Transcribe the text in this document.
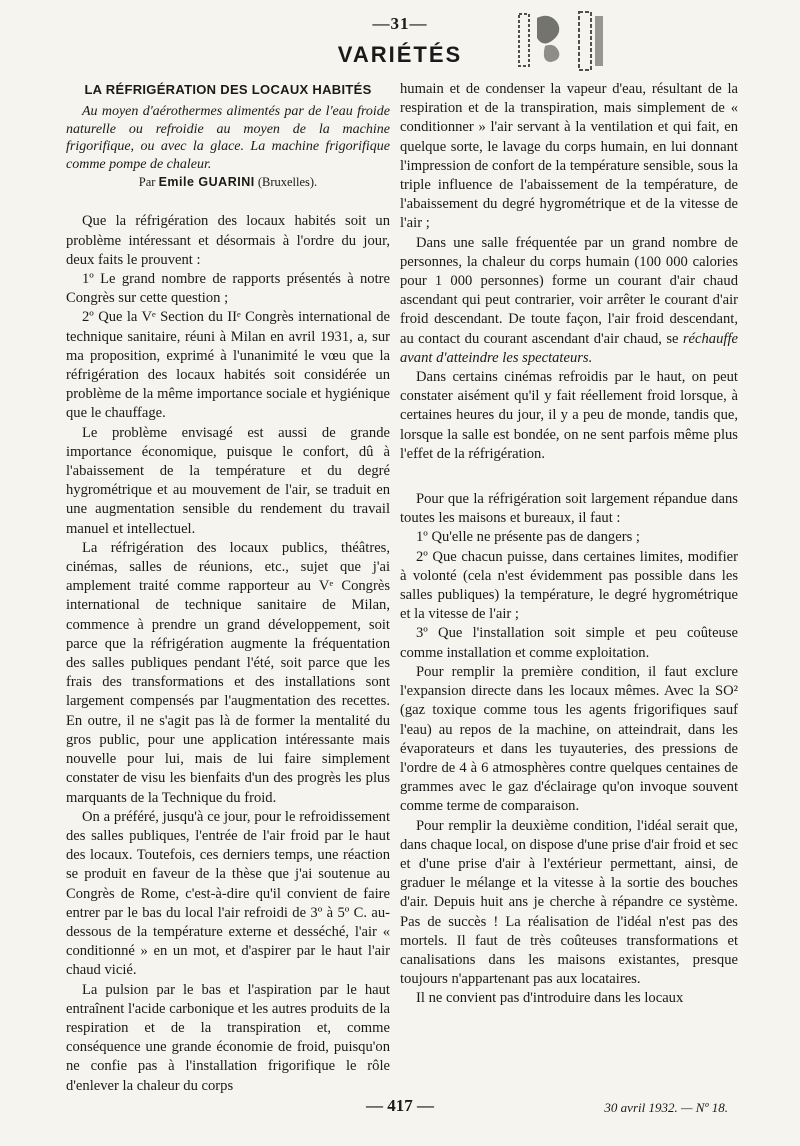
—31—
VARIÉTÉS
LA RÉFRIGÉRATION DES LOCAUX HABITÉS

Au moyen d'aérothermes alimentés par de l'eau froide naturelle ou refroidie au moyen de la machine frigorifique, ou avec la glace. La machine frigorifique comme pompe de chaleur.

Par Emile GUARINI (Bruxelles).

Que la réfrigération des locaux habités soit un problème intéressant et désormais à l'ordre du jour, deux faits le prouvent :

1º Le grand nombre de rapports présentés à notre Congrès sur cette question ;

2º Que la Vᵉ Section du IIᵉ Congrès international de technique sanitaire, réuni à Milan en avril 1931, a, sur ma proposition, exprimé à l'unanimité le vœu que la réfrigération des locaux habités soit considérée un problème de la même importance sociale et hygiénique que le chauffage.

Le problème envisagé est aussi de grande importance économique, puisque le confort, dû à l'abaissement de la température et du degré hygrométrique et au mouvement de l'air, se traduit en une augmentation sensible du rendement du travail manuel et intellectuel.

La réfrigération des locaux publics, théâtres, cinémas, salles de réunions, etc., sujet que j'ai amplement traité comme rapporteur au Vᵉ Congrès international de technique sanitaire de Milan, commence à prendre un grand développement, soit parce que la réfrigération augmente la fréquentation des salles publiques pendant l'été, soit parce que les frais des transformations et des installations sont largement compensés par l'augmentation des recettes. En outre, il ne s'agit pas là de former la mentalité du gros public, pour une application intéressante mais nouvelle pour lui, mais de lui faire simplement constater de visu les bienfaits d'un des progrès les plus marquants de la Technique du froid.

On a préféré, jusqu'à ce jour, pour le refroidissement des salles publiques, l'entrée de l'air froid par le haut des locaux. Toutefois, ces derniers temps, une réaction se produit en faveur de la thèse que j'ai soutenue au Congrès de Rome, c'est-à-dire qu'il convient de faire entrer par le bas du local l'air refroidi de 3º à 5º C. au-dessous de la température externe et desséché, l'air « conditionné » en un mot, et d'aspirer par le haut l'air chaud vicié.

La pulsion par le bas et l'aspiration par le haut entraînent l'acide carbonique et les autres produits de la respiration et de la transpiration et, comme conséquence une grande économie de froid, puisqu'on ne confie pas à l'installation frigorifique le rôle d'enlever la chaleur du corps

humain et de condenser la vapeur d'eau, résultant de la respiration et de la transpiration, mais simplement de « conditionner » l'air servant à la ventilation et qui fait, en quelque sorte, le lavage du corps humain, en lui donnant l'impression de confort de la température sensible, sous la triple influence de l'abaissement de la température, de l'abaissement du degré hygrométrique et de la vitesse de l'air ;

Dans une salle fréquentée par un grand nombre de personnes, la chaleur du corps humain (100 000 calories pour 1 000 personnes) forme un courant d'air chaud ascendant qui peut contrarier, voir arrêter le courant d'air froid descendant. De toute façon, l'air froid descendant, au contact du courant ascendant d'air chaud, se réchauffe avant d'atteindre les spectateurs.

Dans certains cinémas refroidis par le haut, on peut constater aisément qu'il y fait réellement froid lorsque, à certaines heures du jour, il y a peu de monde, tandis que, lorsque la salle est bondée, on ne sent parfois même plus l'effet de la réfrigération.

Pour que la réfrigération soit largement répandue dans toutes les maisons et bureaux, il faut :

1º Qu'elle ne présente pas de dangers ;

2º Que chacun puisse, dans certaines limites, modifier à volonté (cela n'est évidemment pas possible dans les salles publiques) la température, le degré hygrométrique et la vitesse de l'air ;

3º Que l'installation soit simple et peu coûteuse comme installation et comme exploitation.

Pour remplir la première condition, il faut exclure l'expansion directe dans les locaux mêmes. Avec la SO² (gaz toxique comme tous les agents frigorifiques sauf l'eau) au repos de la machine, on atteindrait, dans les évaporateurs et dans les tuyauteries, des pressions de l'ordre de 4 à 6 atmosphères contre quelques centaines de grammes avec le gaz d'éclairage qu'on invoque souvent comme terme de comparaison.

Pour remplir la deuxième condition, l'idéal serait que, dans chaque local, on dispose d'une prise d'air froid et sec et d'une prise d'air à l'extérieur permettant, ainsi, de graduer le mélange et la vitesse à la sortie des bouches d'air. Depuis huit ans je cherche à répandre ce système. Pas de succès ! La réalisation de l'idéal n'est pas des mortels. Il faut de très coûteuses transformations et canalisations dans les maisons existantes, presque toujours n'appartenant pas aux locataires.

Il ne convient pas d'introduire dans les locaux

— 417 —	30 avril 1932. — Nº 18.
